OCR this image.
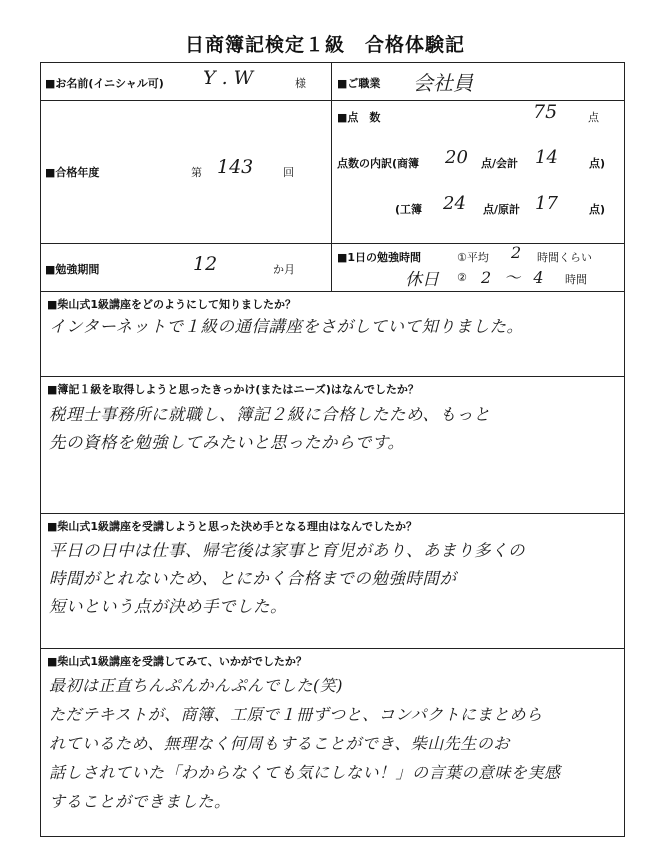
日商簿記検定１級　合格体験記
■お名前(イニシャル可) Y . W	様	■ご職業 会社員
■合格年度	第 143	回
■点　数	75	点
点数の内訳(商簿 20 点/会計 14	点)
(工簿 24 点/原計 17	点)
■勉強期間	12	か月
■1日の勉強時間	①平均 2 時間くらい
休日 ② 2 〜 4 時間
■柴山式1級講座をどのようにして知りましたか？
インターネットで１級の通信講座をさがしていて知りました。
■簿記１級を取得しようと思ったきっかけ(またはニーズ)はなんでしたか？
税理士事務所に就職し、簿記２級に合格したため、もっと
先の資格を勉強してみたいと思ったからです。
■柴山式1級講座を受講しようと思った決め手となる理由はなんでしたか？
平日の日中は仕事、帰宅後は家事と育児があり、あまり多くの
時間がとれないため、とにかく合格までの勉強時間が
短いという点が決め手でした。
■柴山式1級講座を受講してみて、いかがでしたか？
最初は正直ちんぷんかんぷんでした(笑)
ただテキストが、商簿、工原で１冊ずつと、コンパクトにまとめら
れているため、無理なく何周もすることができ、柴山先生のお
話しされていた「わからなくても気にしない！」の言葉の意味を実感
することができました。
